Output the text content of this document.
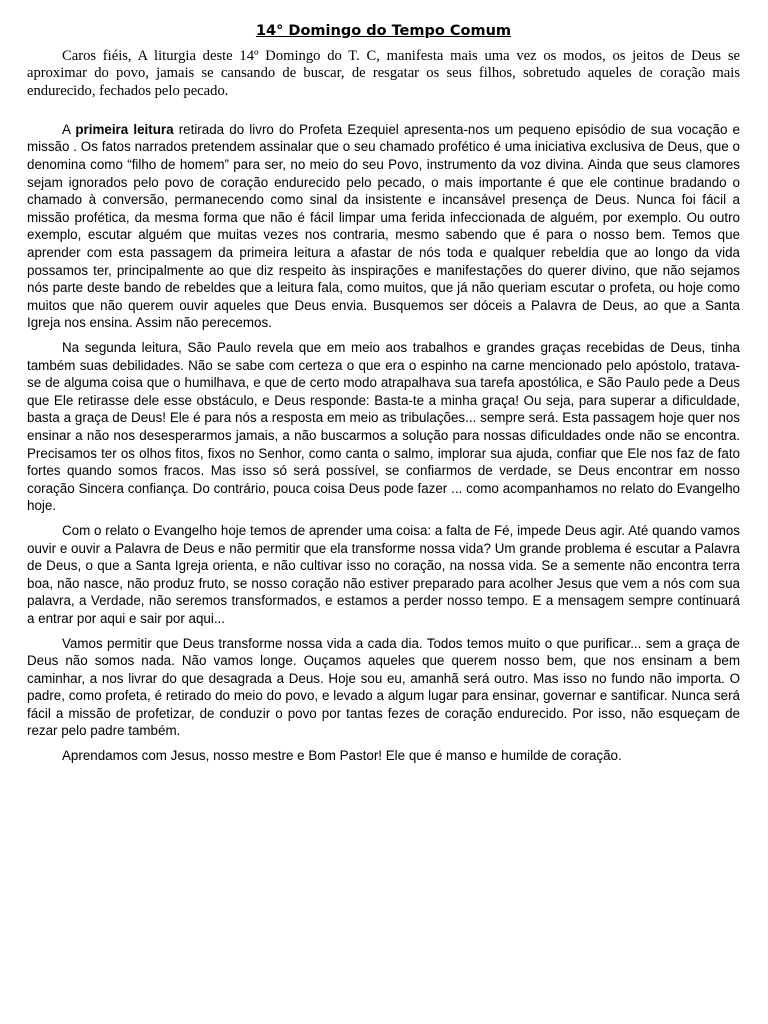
14° Domingo do Tempo Comum

Caros fiéis, A liturgia deste 14º Domingo do T. C, manifesta mais uma vez os modos, os jeitos de Deus se aproximar do povo, jamais se cansando de buscar, de resgatar os seus filhos, sobretudo aqueles de coração mais endurecido, fechados pelo pecado.

A primeira leitura retirada do livro do Profeta Ezequiel apresenta-nos um pequeno episódio de sua vocação e missão . Os fatos narrados pretendem assinalar que o seu chamado profético é uma iniciativa exclusiva de Deus, que o denomina como “filho de homem” para ser, no meio do seu Povo, instrumento da voz divina. Ainda que seus clamores sejam ignorados pelo povo de coração endurecido pelo pecado, o mais importante é que ele continue bradando o chamado à conversão, permanecendo como sinal da insistente e incansável presença de Deus. Nunca foi fácil a missão profética, da mesma forma que não é fácil limpar uma ferida infeccionada de alguém, por exemplo. Ou outro exemplo, escutar alguém que muitas vezes nos contraria, mesmo sabendo que é para o nosso bem. Temos que aprender com esta passagem da primeira leitura a afastar de nós toda e qualquer rebeldia que ao longo da vida possamos ter, principalmente ao que diz respeito às inspirações e manifestações do querer divino, que não sejamos nós parte deste bando de rebeldes que a leitura fala, como muitos, que já não queriam escutar o profeta, ou hoje como muitos que não querem ouvir aqueles que Deus envia. Busquemos ser dóceis a Palavra de Deus, ao que a Santa Igreja nos ensina. Assim não perecemos.

Na segunda leitura, São Paulo revela que em meio aos trabalhos e grandes graças recebidas de Deus, tinha também suas debilidades. Não se sabe com certeza o que era o espinho na carne mencionado pelo apóstolo, tratava-se de alguma coisa que o humilhava, e que de certo modo atrapalhava sua tarefa apostólica, e São Paulo pede a Deus que Ele retirasse dele esse obstáculo, e Deus responde: Basta-te a minha graça! Ou seja, para superar a dificuldade, basta a graça de Deus! Ele é para nós a resposta em meio as tribulações... sempre será. Esta passagem hoje quer nos ensinar a não nos desesperarmos jamais, a não buscarmos a solução para nossas dificuldades onde não se encontra. Precisamos ter os olhos fitos, fixos no Senhor, como canta o salmo, implorar sua ajuda, confiar que Ele nos faz de fato fortes quando somos fracos. Mas isso só será possível, se confiarmos de verdade, se Deus encontrar em nosso coração Sincera confiança. Do contrário, pouca coisa Deus pode fazer ... como acompanhamos no relato do Evangelho hoje.

Com o relato o Evangelho hoje temos de aprender uma coisa: a falta de Fé, impede Deus agir. Até quando vamos ouvir e ouvir a Palavra de Deus e não permitir que ela transforme nossa vida? Um grande problema é escutar a Palavra de Deus, o que a Santa Igreja orienta, e não cultivar isso no coração, na nossa vida. Se a semente não encontra terra boa, não nasce, não produz fruto, se nosso coração não estiver preparado para acolher Jesus que vem a nós com sua palavra, a Verdade, não seremos transformados, e estamos a perder nosso tempo. E a mensagem sempre continuará a entrar por aqui e sair por aqui...

Vamos permitir que Deus transforme nossa vida a cada dia. Todos temos muito o que purificar... sem a graça de Deus não somos nada. Não vamos longe. Ouçamos aqueles que querem nosso bem, que nos ensinam a bem caminhar, a nos livrar do que desagrada a Deus. Hoje sou eu, amanhã será outro. Mas isso no fundo não importa. O padre, como profeta, é retirado do meio do povo, e levado a algum lugar para ensinar, governar e santificar. Nunca será fácil a missão de profetizar, de conduzir o povo por tantas fezes de coração endurecido. Por isso, não esqueçam de rezar pelo padre também.

Aprendamos com Jesus, nosso mestre e Bom Pastor! Ele que é manso e humilde de coração.
